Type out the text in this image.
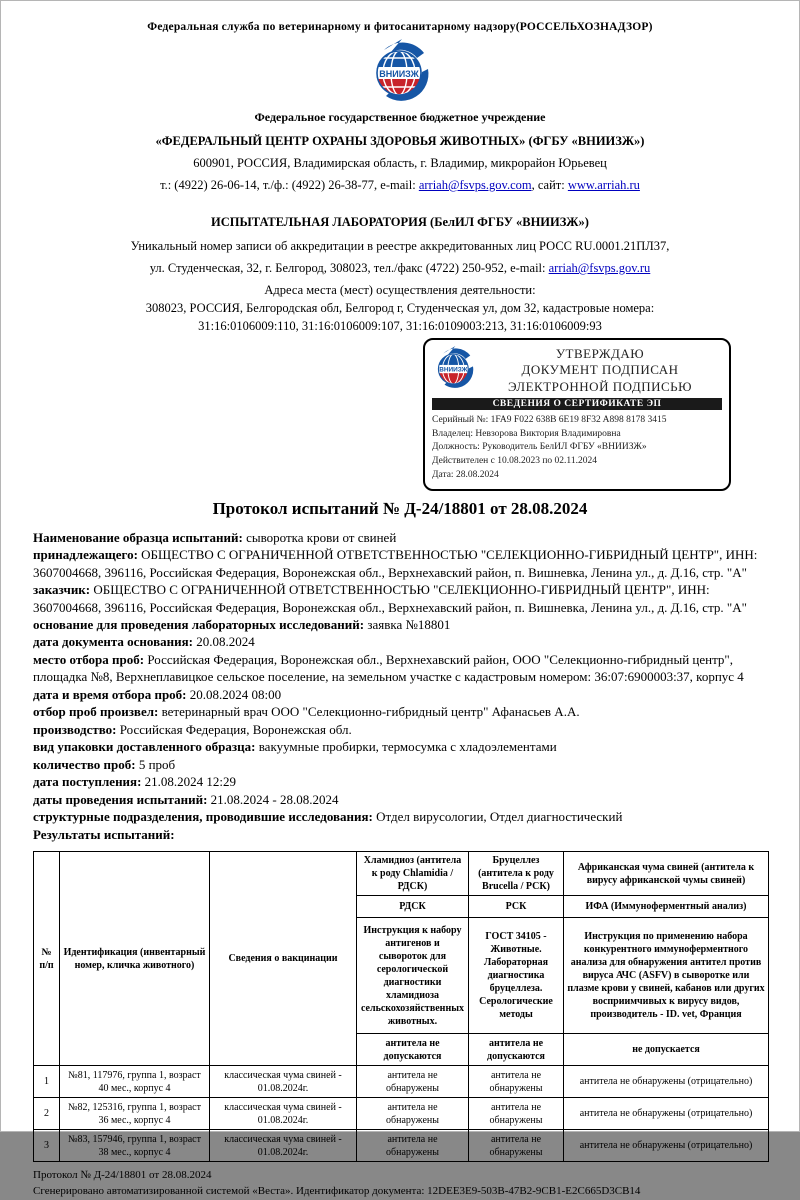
Федеральная служба по ветеринарному и фитосанитарному надзору(РОССЕЛЬХОЗНАДЗОР)
ВНИИЗЖ
Федеральное государственное бюджетное учреждение
«ФЕДЕРАЛЬНЫЙ ЦЕНТР ОХРАНЫ ЗДОРОВЬЯ ЖИВОТНЫХ» (ФГБУ «ВНИИЗЖ»)
600901, РОССИЯ, Владимирская область, г. Владимир, микрорайон Юрьевец
т.: (4922) 26-06-14, т./ф.: (4922) 26-38-77, e-mail: arriah@fsvps.gov.com, сайт: www.arriah.ru
ИСПЫТАТЕЛЬНАЯ ЛАБОРАТОРИЯ (БелИЛ ФГБУ «ВНИИЗЖ»)
Уникальный номер записи об аккредитации в реестре аккредитованных лиц РОСС RU.0001.21ПЛ37,
ул. Студенческая, 32, г. Белгород, 308023, тел./факс (4722) 250-952, e-mail: arriah@fsvps.gov.ru
Адреса места (мест) осуществления деятельности:
308023, РОССИЯ, Белгородская обл, Белгород г, Студенческая ул, дом 32, кадастровые номера:
31:16:0106009:110, 31:16:0106009:107, 31:16:0109003:213, 31:16:0106009:93
ВНИИЗЖ
УТВЕРЖДАЮ
ДОКУМЕНТ ПОДПИСАН
ЭЛЕКТРОННОЙ ПОДПИСЬЮ
СВЕДЕНИЯ О СЕРТИФИКАТЕ ЭП
Серийный №: 1FA9 F022 638B 6E19 8F32 A898 8178 3415
Владелец: Невзорова Виктория Владимировна
Должность: Руководитель БелИЛ ФГБУ «ВНИИЗЖ»
Действителен с 10.08.2023 по 02.11.2024
Дата: 28.08.2024
Протокол испытаний № Д-24/18801 от 28.08.2024

Наименование образца испытаний: сыворотка крови от свиней

принадлежащего: ОБЩЕСТВО С ОГРАНИЧЕННОЙ ОТВЕТСТВЕННОСТЬЮ "СЕЛЕКЦИОННО-ГИБРИДНЫЙ ЦЕНТР", ИНН: 3607004668, 396116, Российская Федерация, Воронежская обл., Верхнехавский район, п. Вишневка, Ленина ул., д. Д.16, стр. "А"

заказчик: ОБЩЕСТВО С ОГРАНИЧЕННОЙ ОТВЕТСТВЕННОСТЬЮ "СЕЛЕКЦИОННО-ГИБРИДНЫЙ ЦЕНТР", ИНН: 3607004668, 396116, Российская Федерация, Воронежская обл., Верхнехавский район, п. Вишневка, Ленина ул., д. Д.16, стр. "А"

основание для проведения лабораторных исследований: заявка №18801

дата документа основания: 20.08.2024

место отбора проб: Российская Федерация, Воронежская обл., Верхнехавский район, ООО "Селекционно-гибридный центр", площадка №8, Верхнеплавицкое сельское поселение, на земельном участке с кадастровым номером: 36:07:6900003:37, корпус 4

дата и время отбора проб: 20.08.2024 08:00

отбор проб произвел: ветеринарный врач ООО "Селекционно-гибридный центр" Афанасьев А.А.

производство: Российская Федерация, Воронежская обл.

вид упаковки доставленного образца: вакуумные пробирки, термосумка с хладоэлементами

количество проб: 5 проб

дата поступления: 21.08.2024 12:29

даты проведения испытаний: 21.08.2024 - 28.08.2024

структурные подразделения, проводившие исследования: Отдел вирусологии, Отдел диагностический

Результаты испытаний:

№ п/п	Идентификация (инвентарный номер, кличка животного)	Сведения о вакцинации	Хламидиоз (антитела к роду Chlamidia / РДСК)	Бруцеллез (антитела к роду Brucella / РСК)	Африканская чума свиней (антитела к вирусу африканской чумы свиней)
			РДСК	РСК	ИФА (Иммуноферментный анализ)
			Инструкция к набору антигенов и сывороток для серологической диагностики хламидиоза сельскохозяйственных животных.	ГОСТ 34105 - Животные. Лабораторная диагностика бруцеллеза. Серологические методы	Инструкция по применению набора конкурентного иммуноферментного анализа для обнаружения антител против вируса АЧС (ASFV) в сыворотке или плазме крови у свиней, кабанов или других восприимчивых к вирусу видов, производитель - ID. vet, Франция
			антитела не допускаются	антитела не допускаются	не допускается
1	№81, 117976, группа 1, возраст 40 мес., корпус 4	классическая чума свиней - 01.08.2024г.	антитела не обнаружены	антитела не обнаружены	антитела не обнаружены (отрицательно)
2	№82, 125316, группа 1, возраст 36 мес., корпус 4	классическая чума свиней - 01.08.2024г.	антитела не обнаружены	антитела не обнаружены	антитела не обнаружены (отрицательно)
3	№83, 157946, группа 1, возраст 38 мес., корпус 4	классическая чума свиней - 01.08.2024г.	антитела не обнаружены	антитела не обнаружены	антитела не обнаружены (отрицательно)
Протокол № Д-24/18801 от 28.08.2024
Сгенерировано автоматизированной системой «Веста». Идентификатор документа: 12DEE3E9-503B-47B2-9CB1-E2C665D3CB14
